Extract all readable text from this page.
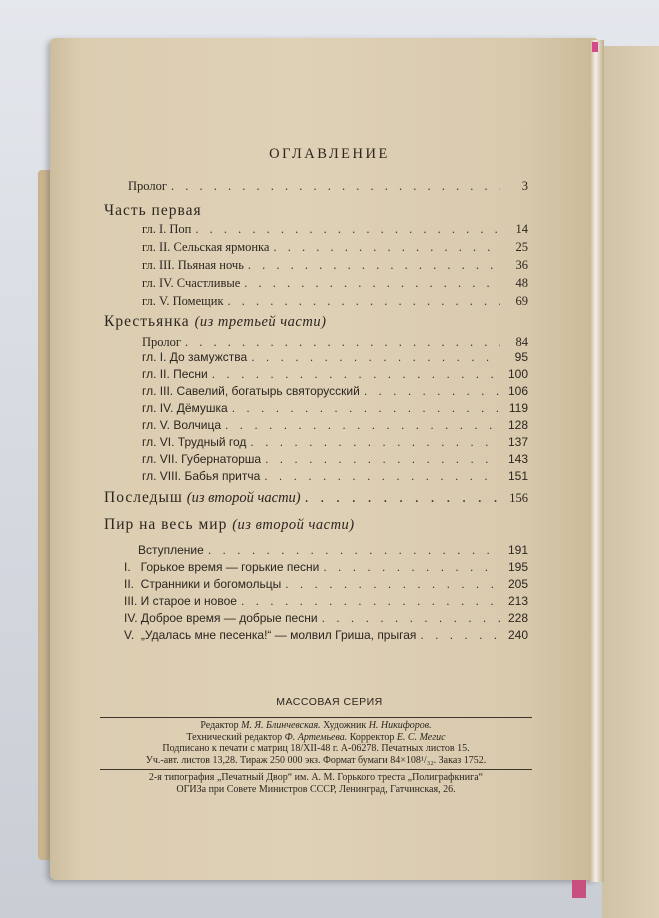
ОГЛАВЛЕНИЕ
Пролог . . .	3
Часть первая
гл. I. Поп . . .	14
гл. II. Сельская ярмонка . . .	25
гл. III. Пьяная ночь . . .	36
гл. IV. Счастливые . . .	48
гл. V. Помещик . . .	69
Крестьянка (из третьей части)
Пролог . . .	84
гл. I. До замужства . . .	95
гл. II. Песни . . .	100
гл. III. Савелий, богатырь святорусский . . .	106
гл. IV. Дёмушка . . .	119
гл. V. Волчица . . .	128
гл. VI. Трудный год . . .	137
гл. VII. Губернаторша . . .	143
гл. VIII. Бабья притча . . .	151
Последыш
(из второй части) . . .	156
Пир на весь мир (из второй части)
Вступление . . .	191
I.   Горькое время — горькие песни . . .	195
II.  Странники и богомольцы . . .	205
III. И старое и новое . . .	213
IV. Доброе время — добрые песни . . .	228
V.  „Удалась мне песенка!“ — молвил Гриша, прыгая . . .	240
МАССОВАЯ СЕРИЯ
Редактор М. Я. Блинчевская. Художник Н. Никифоров.
Технический редактор Ф. Артемьева. Корректор Е. С. Мегис
Подписано к печати с матриц 18/XII-48 г. А-06278. Печатных листов 15.
Уч.-авт. листов 13,28. Тираж 250 000 экз. Формат бумаги 84×108¹/₃₂. Заказ 1752.
2-я типография „Печатный Двор“ им. А. М. Горького треста „Полиграфкнига“
ОГИЗа при Совете Министров СССР, Ленинград, Гатчинская, 26.
